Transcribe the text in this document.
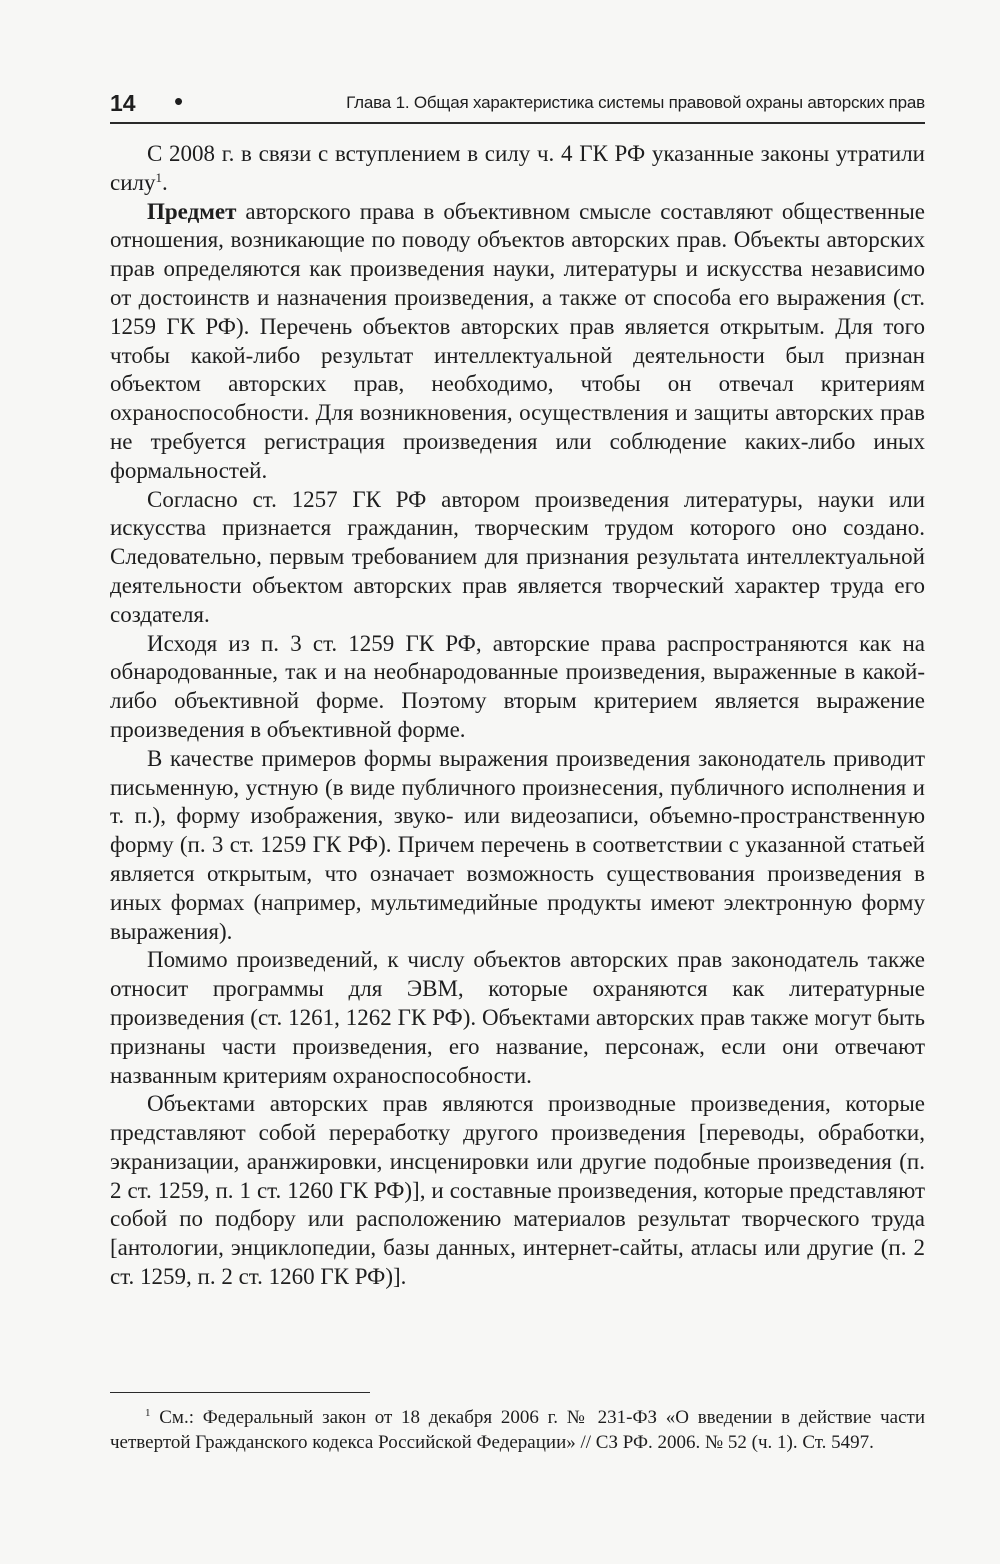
14 •	Глава 1. Общая характеристика системы правовой охраны авторских прав

С 2008 г. в связи с вступлением в силу ч. 4 ГК РФ указанные законы утратили силу$^1$.

Предмет авторского права в объективном смысле составляют общественные отношения, возникающие по поводу объектов авторских прав. Объекты авторских прав определяются как произведения науки, литературы и искусства независимо от достоинств и назначения произведения, а также от способа его выражения (ст. 1259 ГК РФ). Перечень объектов авторских прав является открытым. Для того чтобы какой-либо результат интеллектуальной деятельности был признан объектом авторских прав, необходимо, чтобы он отвечал критериям охраноспособности. Для возникновения, осуществления и защиты авторских прав не требуется регистрация произведения или соблюдение каких-либо иных формальностей.

Согласно ст. 1257 ГК РФ автором произведения литературы, науки или искусства признается гражданин, творческим трудом которого оно создано. Следовательно, первым требованием для признания результата интеллектуальной деятельности объектом авторских прав является творческий характер труда его создателя.

Исходя из п. 3 ст. 1259 ГК РФ, авторские права распространяются как на обнародованные, так и на необнародованные произведения, выраженные в какой-либо объективной форме. Поэтому вторым критерием является выражение произведения в объективной форме.

В качестве примеров формы выражения произведения законодатель приводит письменную, устную (в виде публичного произнесения, публичного исполнения и т. п.), форму изображения, звуко- или видеозаписи, объемно-пространственную форму (п. 3 ст. 1259 ГК РФ). Причем перечень в соответствии с указанной статьей является открытым, что означает возможность существования произведения в иных формах (например, мультимедийные продукты имеют электронную форму выражения).

Помимо произведений, к числу объектов авторских прав законодатель также относит программы для ЭВМ, которые охраняются как литературные произведения (ст. 1261, 1262 ГК РФ). Объектами авторских прав также могут быть признаны части произведения, его название, персонаж, если они отвечают названным критериям охраноспособности.

Объектами авторских прав являются производные произведения, которые представляют собой переработку другого произведения [переводы, обработки, экранизации, аранжировки, инсценировки или другие подобные произведения (п. 2 ст. 1259, п. 1 ст. 1260 ГК РФ)], и составные произведения, которые представляют собой по подбору или расположению материалов результат творческого труда [антологии, энциклопедии, базы данных, интернет-сайты, атласы или другие (п. 2 ст. 1259, п. 2 ст. 1260 ГК РФ)].

$^1$ См.: Федеральный закон от 18 декабря 2006 г. № 231-ФЗ «О введении в действие части четвертой Гражданского кодекса Российской Федерации» // СЗ РФ. 2006. № 52 (ч. 1). Ст. 5497.
